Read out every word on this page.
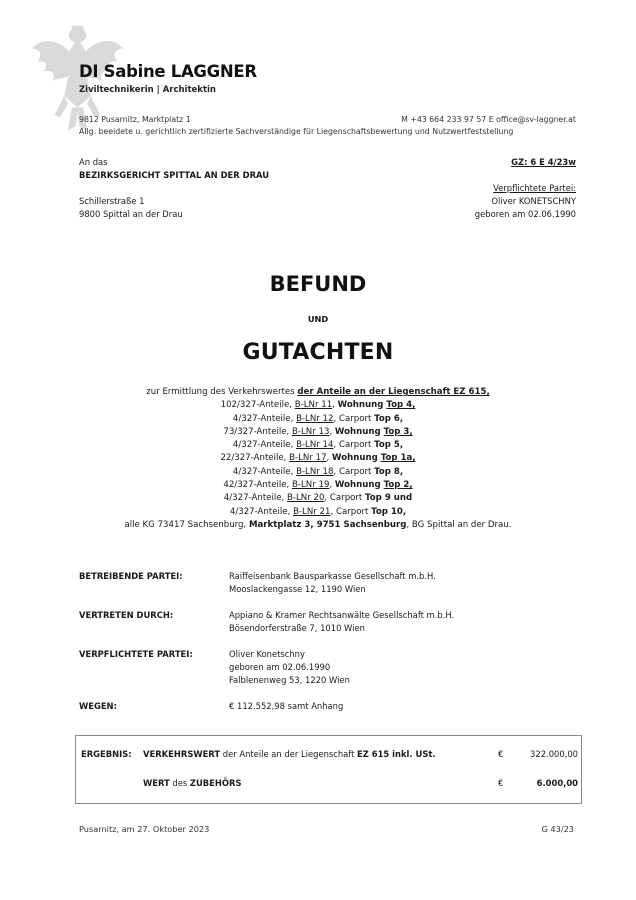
DI Sabine LAGGNER
Ziviltechnikerin | Architektin
9812 Pusarnitz, Marktplatz 1	M +43 664 233 97 57 E office@sv-laggner.at
Allg. beeidete u. gerichtlich zertifizierte Sachverständige für Liegenschaftsbewertung und Nutzwertfeststellung
An das
BEZIRKSGERICHT SPITTAL AN DER DRAU
Schillerstraße 1
9800 Spittal an der Drau
GZ: 6 E 4/23w
Verpflichtete Partei:
Oliver KONETSCHNY
geboren am 02.06.1990
BEFUND
UND
GUTACHTEN
zur Ermittlung des Verkehrswertes der Anteile an der Liegenschaft EZ 615,
102/327-Anteile, B-LNr 11, Wohnung Top 4,
4/327-Anteile, B-LNr 12, Carport Top 6,
73/327-Anteile, B-LNr 13, Wohnung Top 3,
4/327-Anteile, B-LNr 14, Carport Top 5,
22/327-Anteile, B-LNr 17, Wohnung Top 1a,
4/327-Anteile, B-LNr 18, Carport Top 8,
42/327-Anteile, B-LNr 19, Wohnung Top 2,
4/327-Anteile, B-LNr 20, Carport Top 9 und
4/327-Anteile, B-LNr 21, Carport Top 10,
alle KG 73417 Sachsenburg, Marktplatz 3, 9751 Sachsenburg, BG Spittal an der Drau.
BETREIBENDE PARTEI:	Raiffeisenbank Bausparkasse Gesellschaft m.b.H.
Mooslackengasse 12, 1190 Wien
VERTRETEN DURCH:	Appiano & Kramer Rechtsanwälte Gesellschaft m.b.H.
Bösendorferstraße 7, 1010 Wien
VERPFLICHTETE PARTEI:	Oliver Konetschny
geboren am 02.06.1990
Falblenenweg 53, 1220 Wien
WEGEN:	€ 112.552,98 samt Anhang
ERGEBNIS:	VERKEHRSWERT der Anteile an der Liegenschaft EZ 615 inkl. USt.	€	322.000,00
WERT des ZUBEHÖRS	€	6.000,00
Pusarnitz, am 27. Oktober 2023	G 43/23
